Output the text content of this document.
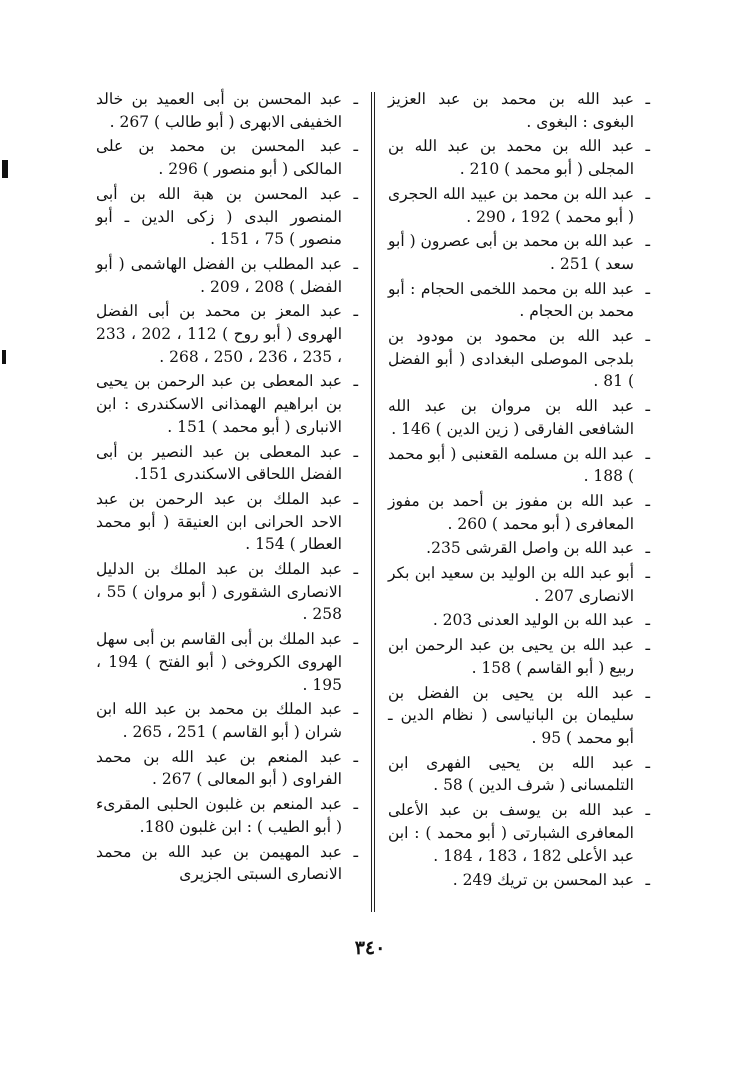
ـ
عبد الله بن محمد بن عبد العزيز البغوى : البغوى .
ـ
عبد الله بن محمد بن عبد الله بن المجلى ( أبو محمد ) 210 .
ـ
عبد الله بن محمد بن عبيد الله الحجرى ( أبو محمد ) 192 ، 290 .
ـ
عبد الله بن محمد بن أبى عصرون ( أبو سعد ) 251 .
ـ
عبد الله بن محمد اللخمى الحجام : أبو محمد بن الحجام .
ـ
عبد الله بن محمود بن مودود بن بلدجى الموصلى البغدادى ( أبو الفضل ) 81 .
ـ
عبد الله بن مروان بن عبد الله الشافعى الفارقى ( زين الدين ) 146 .
ـ
عبد الله بن مسلمه القعنبى ( أبو محمد ) 188 .
ـ
عبد الله بن مفوز بن أحمد بن مفوز المعافرى ( أبو محمد ) 260 .
ـ
عبد الله بن واصل القرشى 235.
ـ
أبو عبد الله بن الوليد بن سعيد ابن بكر الانصارى 207 .
ـ
عبد الله بن الوليد العدنى 203 .
ـ
عبد الله بن يحيى بن عبد الرحمن ابن ربيع ( أبو القاسم ) 158 .
ـ
عبد الله بن يحيى بن الفضل بن سليمان بن البانياسى ( نظام الدين ـ أبو محمد ) 95 .
ـ
عبد الله بن يحيى الفهرى ابن التلمسانى ( شرف الدين ) 58 .
ـ
عبد الله بن يوسف بن عبد الأعلى المعافرى الشبارتى ( أبو محمد ) : ابن عبد الأعلى 182 ، 183 ، 184 .
ـ
عبد المحسن بن تريك 249 .
ـ
عبد المحسن بن أبى العميد بن خالد الخفيفى الابهرى ( أبو طالب ) 267 .
ـ
عبد المحسن بن محمد بن على المالكى ( أبو منصور ) 296 .
ـ
عبد المحسن بن هبة الله بن أبى المنصور البدى ( زكى الدين ـ أبو منصور ) 75 ، 151 .
ـ
عبد المطلب بن الفضل الهاشمى ( أبو الفضل ) 208 ، 209 .
ـ
عبد المعز بن محمد بن أبى الفضل الهروى ( أبو روح ) 112 ، 202 ، 233 ، 235 ، 236 ، 250 ، 268 .
ـ
عبد المعطى بن عبد الرحمن بن يحيى بن ابراهيم الهمذانى الاسكندرى : ابن الانبارى ( أبو محمد ) 151 .
ـ
عبد المعطى بن عبد النصير بن أبى الفضل اللحاقى الاسكندرى 151.
ـ
عبد الملك بن عبد الرحمن بن عبد الاحد الحرانى ابن العنيقة ( أبو محمد العطار ) 154 .
ـ
عبد الملك بن عبد الملك بن الدليل الانصارى الشقورى ( أبو مروان ) 55 ، 258 .
ـ
عبد الملك بن أبى القاسم بن أبى سهل الهروى الكروخى ( أبو الفتح ) 194 ، 195 .
ـ
عبد الملك بن محمد بن عبد الله ابن شران ( أبو القاسم ) 251 ، 265 .
ـ
عبد المنعم بن عبد الله بن محمد الفراوى ( أبو المعالى ) 267 .
ـ
عبد المنعم بن غلبون الحلبى المقرىء ( أبو الطيب ) : ابن غلبون 180.
ـ
عبد المهيمن بن عبد الله بن محمد الانصارى السبتى الجزيرى
٣٤٠
